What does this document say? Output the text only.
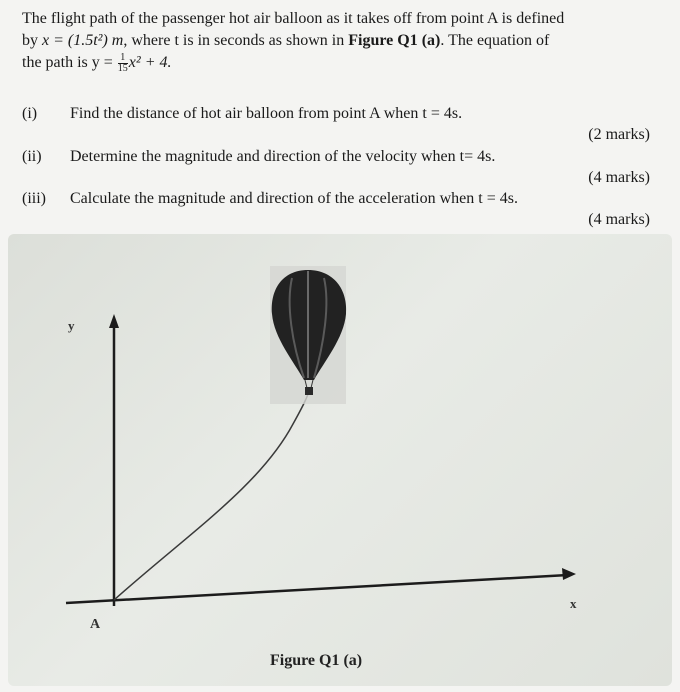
The flight path of the passenger hot air balloon as it takes off from point A is defined

by x = (1.5t²) m, where t is in seconds as shown in Figure Q1 (a). The equation of

the path is $y = \frac{1}{15} x^2 + 4$.

(i) Find the distance of hot air balloon from point A when t = 4s.
(2 marks)
(ii) Determine the magnitude and direction of the velocity when t= 4s.
(4 marks)
(iii) Calculate the magnitude and direction of the acceleration when t = 4s.
(4 marks)
y
x
A
Figure Q1 (a)
